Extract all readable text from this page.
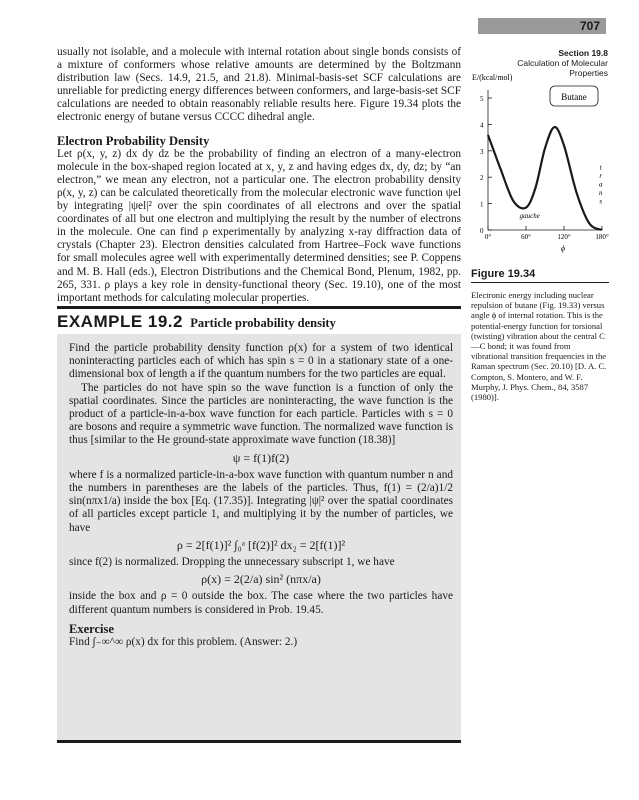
707
Section 19.8
Calculation of Molecular Properties

usually not isolable, and a molecule with internal rotation about single bonds consists of a mixture of conformers whose relative amounts are determined by the Boltzmann distribution law (Secs. 14.9, 21.5, and 21.8). Minimal-basis-set SCF calculations are unreliable for predicting energy differences between conformers, and large-basis-set SCF calculations are needed to obtain reasonably reliable results here. Figure 19.34 plots the electronic energy of butane versus CCCC dihedral angle.

Electron Probability Density

Let ρ(x, y, z) dx dy dz be the probability of finding an electron of a many-electron molecule in the box-shaped region located at x, y, z and having edges dx, dy, dz; by “an electron,” we mean any electron, not a particular one. The electron probability density ρ(x, y, z) can be calculated theoretically from the molecular electronic wave function ψel by integrating |ψel|² over the spin coordinates of all electrons and over the spatial coordinates of all but one electron and multiplying the result by the number of electrons in the molecule. One can find ρ experimentally by analyzing x-ray diffraction data of crystals (Chapter 23). Electron densities calculated from Hartree–Fock wave functions for small molecules agree well with experimentally determined densities; see P. Coppens and M. B. Hall (eds.), Electron Distributions and the Chemical Bond, Plenum, 1982, pp. 265, 331. ρ plays a key role in density-functional theory (Sec. 19.10), one of the most important methods for calculating molecular properties.

EXAMPLE 19.2 Particle probability density

Find the particle probability density function ρ(x) for a system of two identical noninteracting particles each of which has spin s = 0 in a stationary state of a one-dimensional box of length a if the quantum numbers for the two particles are equal.

The particles do not have spin so the wave function is a function of only the spatial coordinates. Since the particles are noninteracting, the wave function is the product of a particle-in-a-box wave function for each particle. Particles with s = 0 are bosons and require a symmetric wave function. The normalized wave function is thus [similar to the He ground-state approximate wave function (18.38)]

ψ = f(1)f(2)

where f is a normalized particle-in-a-box wave function with quantum number n and the numbers in parentheses are the labels of the particles. Thus, f(1) = (2/a)1/2 sin(nπx1/a) inside the box [Eq. (17.35)]. Integrating |ψ|² over the spatial coordinates of all particles except particle 1, and multiplying it by the number of particles, we have

ρ = 2[f(1)]² ∫₀ᵃ [f(2)]² dx₂ = 2[f(1)]²

since f(2) is normalized. Dropping the unnecessary subscript 1, we have

ρ(x) = 2(2/a) sin² (nπx/a)

inside the box and ρ = 0 outside the box. The case where the two particles have different quantum numbers is considered in Prob. 19.45.

Exercise

Find ∫₋∞^∞ ρ(x) dx for this problem. (Answer: 2.)

E/(kcal/mol)
Butane
0
1
2
3
4
5
0°	60°	120°	180°
ϕ
gauche
t
r
a
n
s
Figure 19.34

Electronic energy including nuclear repulsion of butane (Fig. 19.33) versus angle ϕ of internal rotation. This is the potential-energy function for torsional (twisting) vibration about the central C—C bond; it was found from vibrational transition frequencies in the Raman spectrum (Sec. 20.10) [D. A. C. Compton, S. Montero, and W. F. Murphy, J. Phys. Chem., 84, 3587 (1980)].
